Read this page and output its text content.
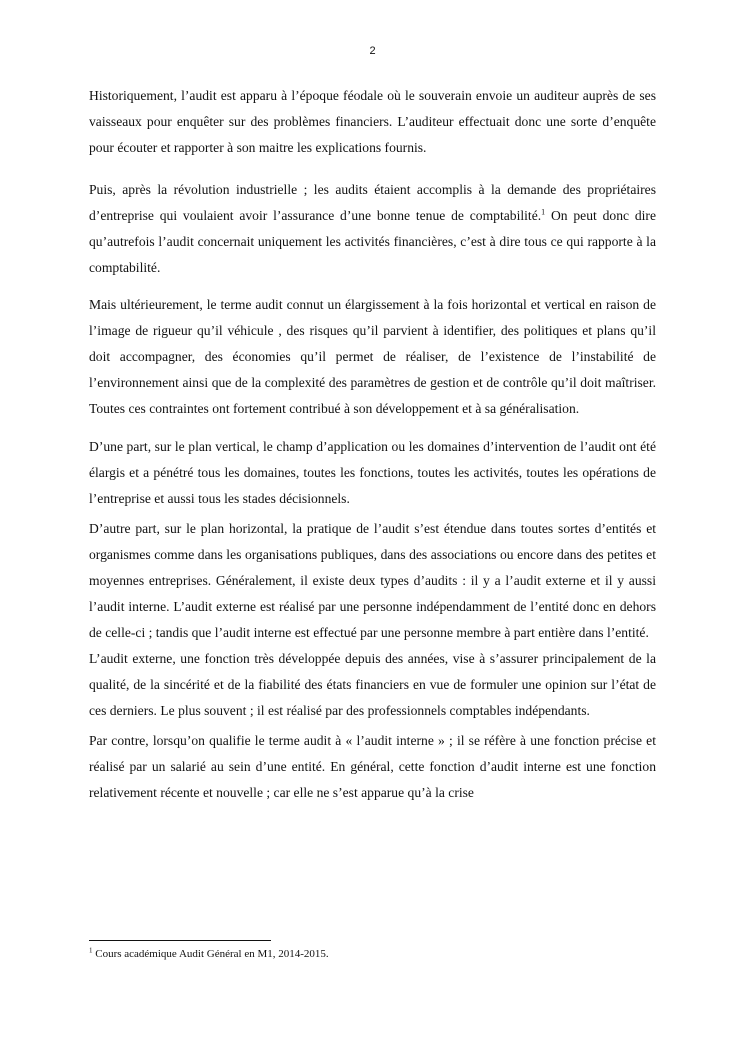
2

Historiquement, l’audit est apparu à l’époque féodale où le souverain envoie un auditeur auprès de ses vaisseaux pour enquêter sur des problèmes financiers. L’auditeur effectuait donc une sorte d’enquête pour écouter et rapporter à son maitre les explications fournis.

Puis, après la révolution industrielle ; les audits étaient accomplis à la demande des propriétaires d’entreprise qui voulaient avoir l’assurance d’une bonne tenue de comptabilité.$^1$ On peut donc dire qu’autrefois l’audit concernait uniquement les activités financières, c’est à dire tous ce qui rapporte à la comptabilité.

Mais ultérieurement, le terme audit connut un élargissement à la fois horizontal et vertical en raison de l’image de rigueur qu’il véhicule , des risques qu’il parvient à identifier, des politiques et plans qu’il doit accompagner, des économies qu’il permet de réaliser, de l’existence de l’instabilité de l’environnement ainsi que de la complexité des paramètres de gestion et de contrôle qu’il doit maîtriser. Toutes ces contraintes ont fortement contribué à son développement et à sa généralisation.

D’une part, sur le plan vertical, le champ d’application ou les domaines d’intervention de l’audit ont été élargis et a pénétré tous les domaines, toutes les fonctions, toutes les activités, toutes les opérations de l’entreprise et aussi tous les stades décisionnels.

D’autre part, sur le plan horizontal, la pratique de l’audit s’est étendue dans toutes sortes d’entités et organismes comme dans les organisations publiques, dans des associations ou encore dans des petites et moyennes entreprises. Généralement, il existe deux types d’audits : il y a l’audit externe et il y aussi l’audit interne. L’audit externe est réalisé par une personne indépendamment de l’entité donc en dehors de celle-ci ; tandis que l’audit interne est effectué par une personne membre à part entière dans l’entité.

L’audit externe, une fonction très développée depuis des années, vise à s’assurer principalement de la qualité, de la sincérité et de la fiabilité des états financiers en vue de formuler une opinion sur l’état de ces derniers. Le plus souvent ; il est réalisé par des professionnels comptables indépendants.

Par contre, lorsqu’on qualifie le terme audit à « l’audit interne » ; il se réfère à une fonction précise et réalisé par un salarié au sein d’une entité. En général, cette fonction d’audit interne est une fonction relativement récente et nouvelle ; car elle ne s’est apparue qu’à la crise

$^1$ Cours académique Audit Général en M1, 2014-2015.
